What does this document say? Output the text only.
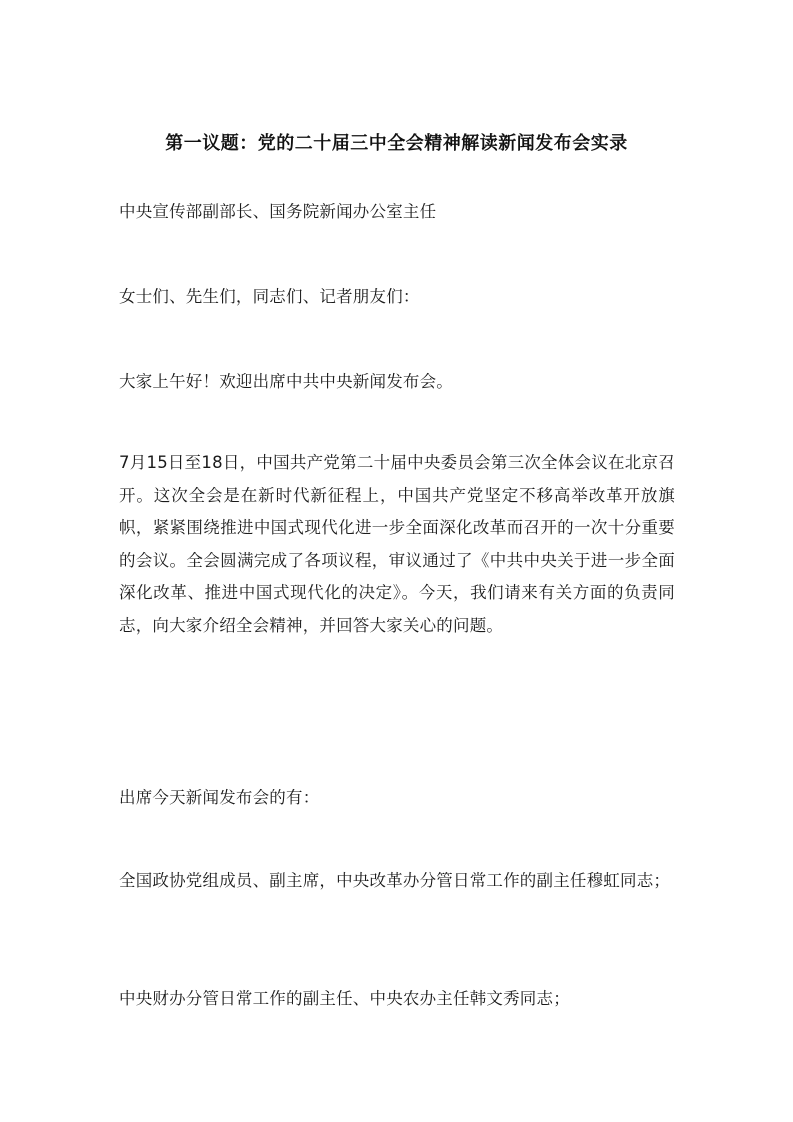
第一议题：党的二十届三中全会精神解读新闻发布会实录

中央宣传部副部长、国务院新闻办公室主任

女士们、先生们，同志们、记者朋友们：

大家上午好！欢迎出席中共中央新闻发布会。

7月15日至18日，中国共产党第二十届中央委员会第三次全体会议在北京召开。这次全会是在新时代新征程上，中国共产党坚定不移高举改革开放旗帜，紧紧围绕推进中国式现代化进一步全面深化改革而召开的一次十分重要的会议。全会圆满完成了各项议程，审议通过了《中共中央关于进一步全面深化改革、推进中国式现代化的决定》。今天，我们请来有关方面的负责同志，向大家介绍全会精神，并回答大家关心的问题。

出席今天新闻发布会的有：

全国政协党组成员、副主席，中央改革办分管日常工作的副主任穆虹同志；

中央财办分管日常工作的副主任、中央农办主任韩文秀同志；
